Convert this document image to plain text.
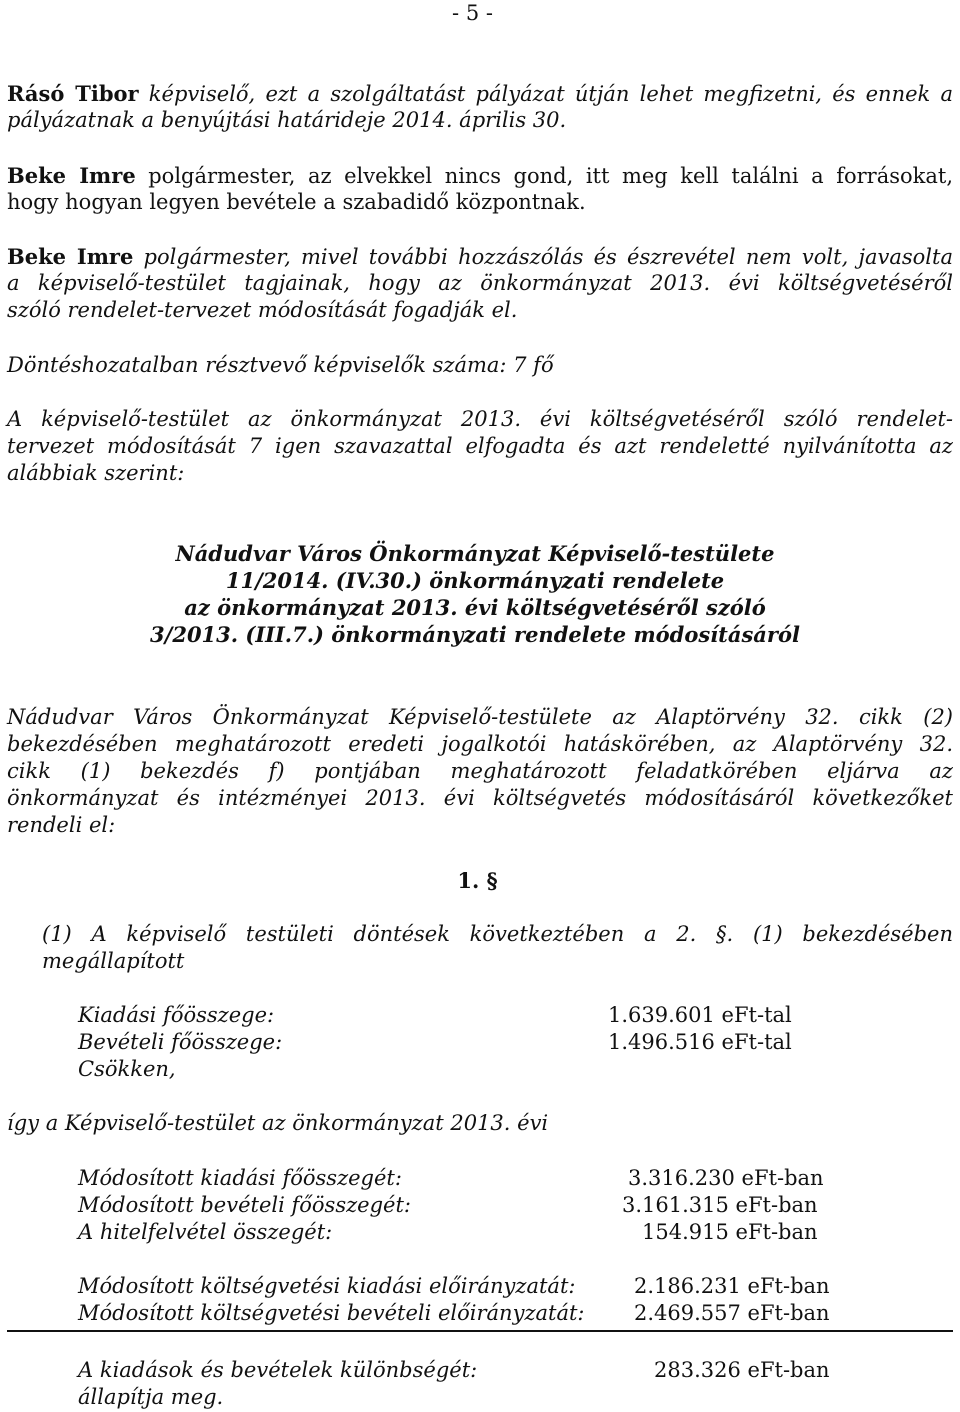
- 5 -

Rásó Tibor képviselő, ezt a szolgáltatást pályázat útján lehet megfizetni, és ennek a

pályázatnak a benyújtási határideje 2014. április 30.

Beke Imre polgármester, az elvekkel nincs gond, itt meg kell találni a forrásokat,

hogy hogyan legyen bevétele a szabadidő központnak.

Beke Imre polgármester, mivel további hozzászólás és észrevétel nem volt, javasolta

a képviselő-testület tagjainak, hogy az önkormányzat 2013. évi költségvetéséről

szóló rendelet-tervezet módosítását fogadják el.

Döntéshozatalban résztvevő képviselők száma: 7 fő

A képviselő-testület az önkormányzat 2013. évi költségvetéséről szóló rendelet-

tervezet módosítását 7 igen szavazattal elfogadta és azt rendeletté nyilvánította az

alábbiak szerint:

Nádudvar Város Önkormányzat Képviselő-testülete

11/2014. (IV.30.) önkormányzati rendelete

az önkormányzat 2013. évi költségvetéséről szóló

3/2013. (III.7.) önkormányzati rendelete módosításáról

Nádudvar Város Önkormányzat Képviselő-testülete az Alaptörvény 32. cikk (2)

bekezdésében meghatározott eredeti jogalkotói hatáskörében, az Alaptörvény 32.

cikk (1) bekezdés f) pontjában meghatározott feladatkörében eljárva az

önkormányzat és intézményei 2013. évi költségvetés módosításáról következőket

rendeli el:

1. §

(1) A képviselő testületi döntések következtében a 2. §. (1) bekezdésében

megállapított

Kiadási főösszege:	1.639.601 eFt-tal
Bevételi főösszege:	1.496.516 eFt-tal
Csökken,

így a Képviselő-testület az önkormányzat 2013. évi

Módosított kiadási főösszegét:	3.316.230 eFt-ban
Módosított bevételi főösszegét:	3.161.315 eFt-ban
A hitelfelvétel összegét:	154.915 eFt-ban
Módosított költségvetési kiadási előirányzatát:	2.186.231 eFt-ban
Módosított költségvetési bevételi előirányzatát: 2.469.557 eFt-ban
A kiadások és bevételek különbségét:	283.326 eFt-ban
állapítja meg.
